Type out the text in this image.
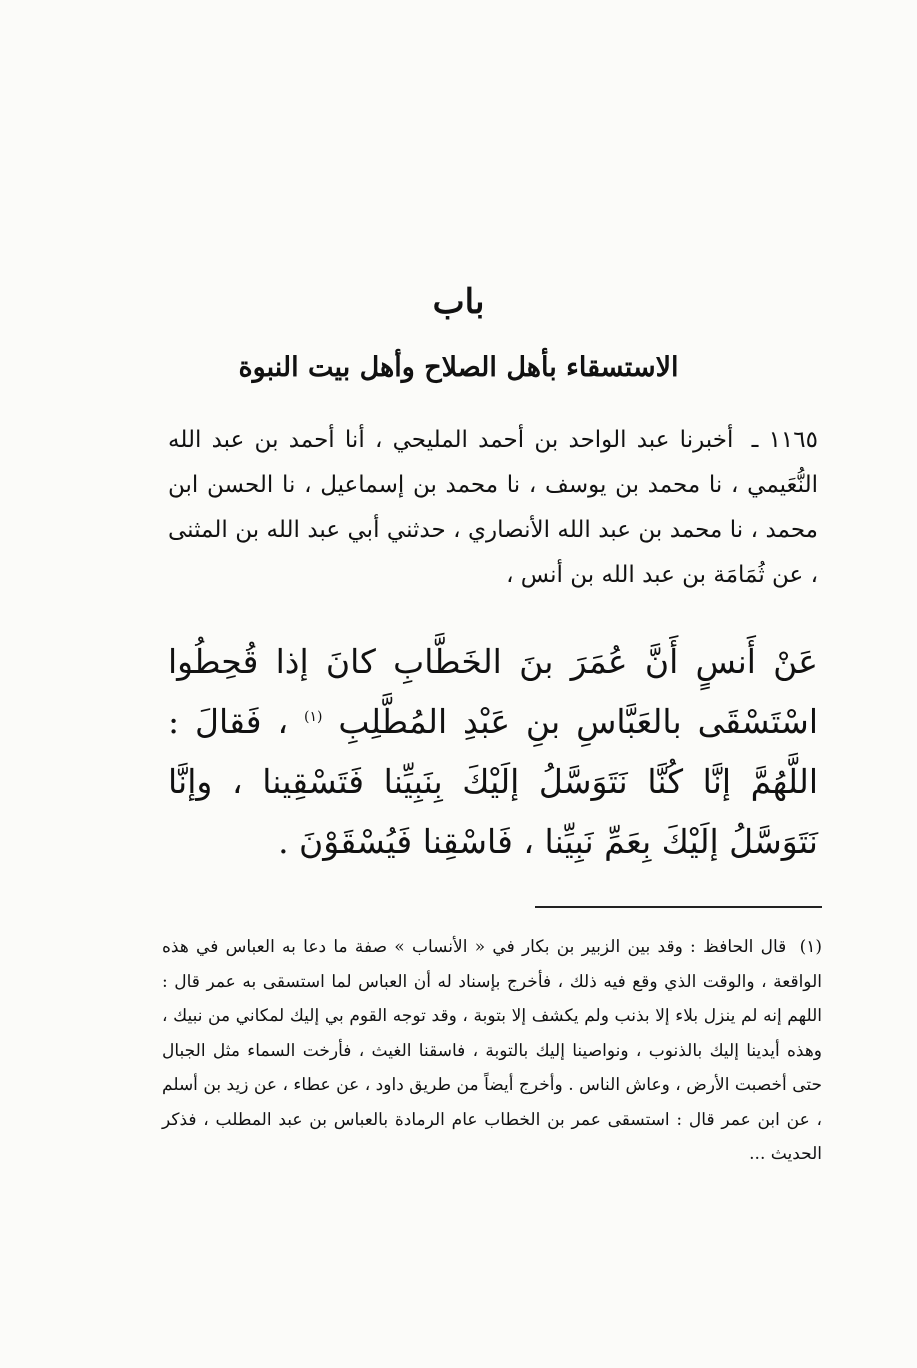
باب
الاستسقاء بأهل الصلاح وأهل بيت النبوة
١١٦٥ ـ أخبرنا عبد الواحد بن أحمد المليحي ، أنا أحمد بن عبد الله النُّعَيمي ، نا محمد بن يوسف ، نا محمد بن إسماعيل ، نا الحسن ابن محمد ، نا محمد بن عبد الله الأنصاري ، حدثني أبي عبد الله بن المثنى ، عن ثُمَامَة بن عبد الله بن أنس ،
عَنْ أَنسٍ أَنَّ عُمَرَ بنَ الخَطَّابِ كانَ إذا قُحِطُوا اسْتَسْقَى بالعَبَّاسِ بنِ عَبْدِ المُطَّلِبِ $^{(١)}$ ، فَقالَ : اللَّهُمَّ إنَّا كُنَّا نَتَوَسَّلُ إلَيْكَ بِنَبِيِّنا فَتَسْقِينا ، وإنَّا نَتَوَسَّلُ إلَيْكَ بِعَمِّ نَبِيِّنا ، فَاسْقِنا فَيُسْقَوْنَ .
(١) قال الحافظ : وقد بين الزبير بن بكار في « الأنساب » صفة ما دعا به العباس في هذه الواقعة ، والوقت الذي وقع فيه ذلك ، فأخرج بإسناد له أن العباس لما استسقى به عمر قال : اللهم إنه لم ينزل بلاء إلا بذنب ولم يكشف إلا بتوبة ، وقد توجه القوم بي إليك لمكاني من نبيك ، وهذه أيدينا إليك بالذنوب ، ونواصينا إليك بالتوبة ، فاسقنا الغيث ، فأرخت السماء مثل الجبال حتى أخصبت الأرض ، وعاش الناس . وأخرج أيضاً من طريق داود ، عن عطاء ، عن زيد بن أسلم ، عن ابن عمر قال : استسقى عمر بن الخطاب عام الرمادة بالعباس بن عبد المطلب ، فذكر الحديث ...
